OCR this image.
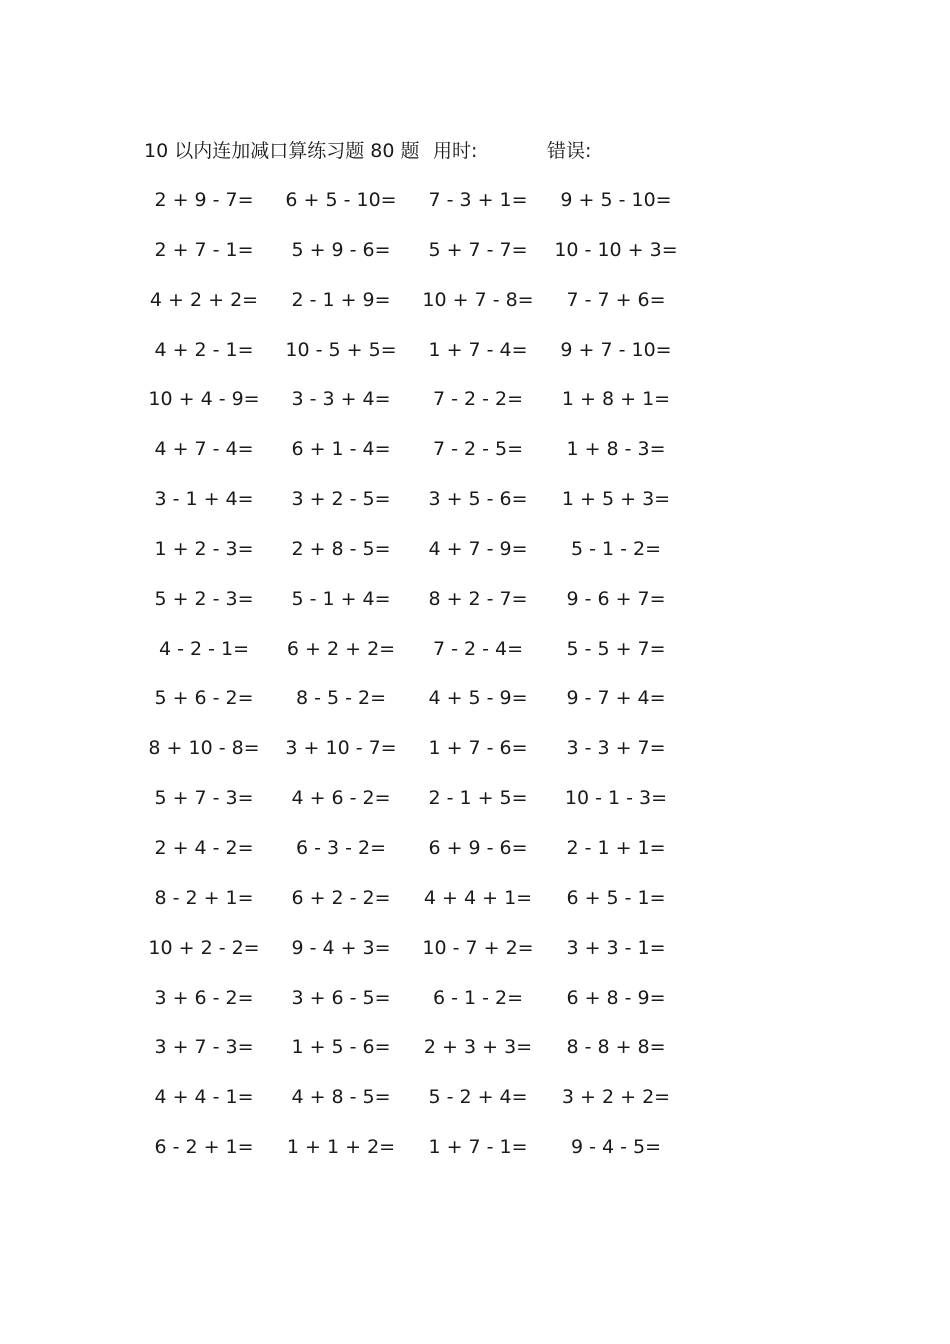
10 以内连加减口算练习题 80 题 用时:	错误:
2 + 9 - 7=	6 + 5 - 10=	7 - 3 + 1=	9 + 5 - 10=
2 + 7 - 1=	5 + 9 - 6=	5 + 7 - 7=	10 - 10 + 3=
4 + 2 + 2=	2 - 1 + 9=	10 + 7 - 8=	7 - 7 + 6=
4 + 2 - 1=	10 - 5 + 5=	1 + 7 - 4=	9 + 7 - 10=
10 + 4 - 9=	3 - 3 + 4=	7 - 2 - 2=	1 + 8 + 1=
4 + 7 - 4=	6 + 1 - 4=	7 - 2 - 5=	1 + 8 - 3=
3 - 1 + 4=	3 + 2 - 5=	3 + 5 - 6=	1 + 5 + 3=
1 + 2 - 3=	2 + 8 - 5=	4 + 7 - 9=	5 - 1 - 2=
5 + 2 - 3=	5 - 1 + 4=	8 + 2 - 7=	9 - 6 + 7=
4 - 2 - 1=	6 + 2 + 2=	7 - 2 - 4=	5 - 5 + 7=
5 + 6 - 2=	8 - 5 - 2=	4 + 5 - 9=	9 - 7 + 4=
8 + 10 - 8=	3 + 10 - 7=	1 + 7 - 6=	3 - 3 + 7=
5 + 7 - 3=	4 + 6 - 2=	2 - 1 + 5=	10 - 1 - 3=
2 + 4 - 2=	6 - 3 - 2=	6 + 9 - 6=	2 - 1 + 1=
8 - 2 + 1=	6 + 2 - 2=	4 + 4 + 1=	6 + 5 - 1=
10 + 2 - 2=	9 - 4 + 3=	10 - 7 + 2=	3 + 3 - 1=
3 + 6 - 2=	3 + 6 - 5=	6 - 1 - 2=	6 + 8 - 9=
3 + 7 - 3=	1 + 5 - 6=	2 + 3 + 3=	8 - 8 + 8=
4 + 4 - 1=	4 + 8 - 5=	5 - 2 + 4=	3 + 2 + 2=
6 - 2 + 1=	1 + 1 + 2=	1 + 7 - 1=	9 - 4 - 5=
